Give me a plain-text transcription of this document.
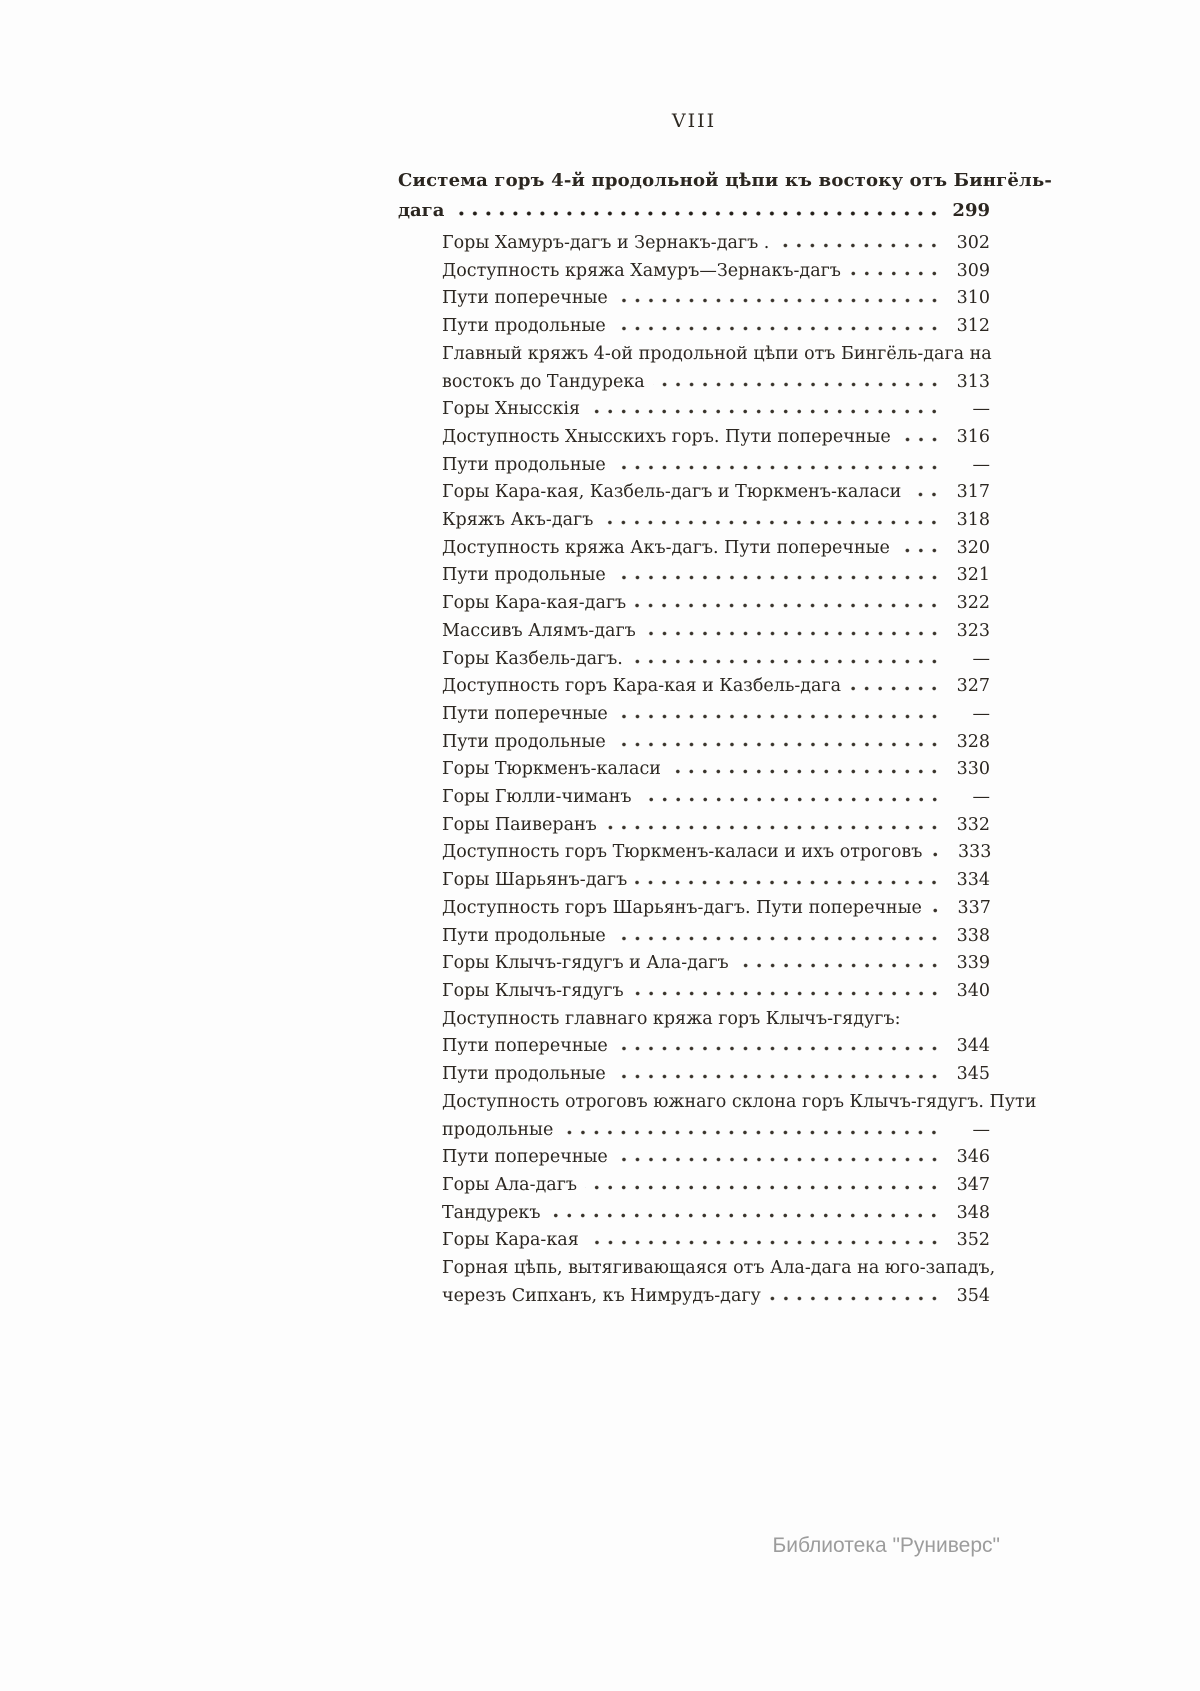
VIII
Система горъ 4-й продольной цѣпи къ востоку отъ Бингёль-
дага	299
Горы Хамуръ-дагъ и Зернакъ-дагъ .	302
Доступность кряжа Хамуръ—Зернакъ-дагъ	309
Пути поперечные	310
Пути продольные	312
Главный кряжъ 4-ой продольной цѣпи отъ Бингёль-дага на
востокъ до Тандурека	313
Горы Хнысскія	—
Доступность Хнысскихъ горъ. Пути поперечные	316
Пути продольные	—
Горы Кара-кая, Казбель-дагъ и Тюркменъ-каласи	317
Кряжъ Акъ-дагъ	318
Доступность кряжа Акъ-дагъ. Пути поперечные	320
Пути продольные	321
Горы Кара-кая-дагъ	322
Массивъ Алямъ-дагъ	323
Горы Казбель-дагъ.	—
Доступность горъ Кара-кая и Казбель-дага	327
Пути поперечные	—
Пути продольные	328
Горы Тюркменъ-каласи	330
Горы Гюлли-чиманъ	—
Горы Паиверанъ	332
Доступность горъ Тюркменъ-каласи и ихъ отроговъ	333
Горы Шарьянъ-дагъ	334
Доступность горъ Шарьянъ-дагъ. Пути поперечные	337
Пути продольные	338
Горы Клычъ-гядугъ и Ала-дагъ	339
Горы Клычъ-гядугъ	340
Доступность главнаго кряжа горъ Клычъ-гядугъ:
Пути поперечные	344
Пути продольные	345
Доступность отроговъ южнаго склона горъ Клычъ-гядугъ. Пути
продольные	—
Пути поперечные	346
Горы Ала-дагъ	347
Тандурекъ	348
Горы Кара-кая	352
Горная цѣпь, вытягивающаяся отъ Ала-дага на юго-западъ,
черезъ Сипханъ, къ Нимрудъ-дагу	354
Библиотека "Руниверс"
